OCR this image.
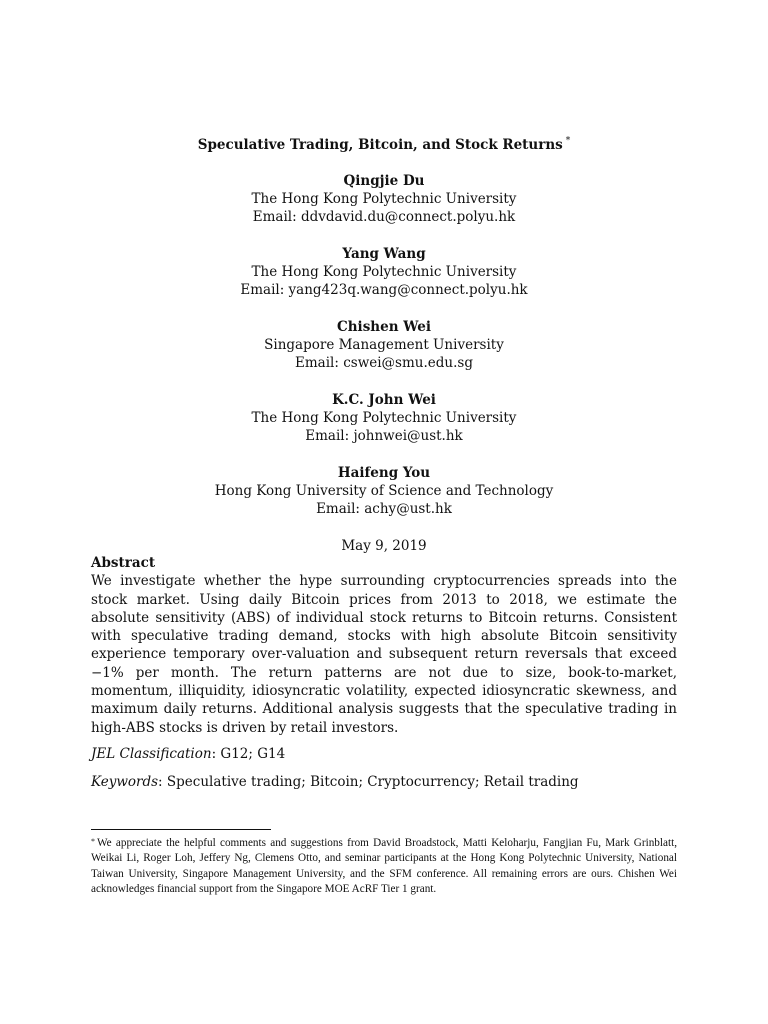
Speculative Trading, Bitcoin, and Stock Returns *
Qingjie Du
The Hong Kong Polytechnic University
Email: ddvdavid.du@connect.polyu.hk
Yang Wang
The Hong Kong Polytechnic University
Email: yang423q.wang@connect.polyu.hk
Chishen Wei
Singapore Management University
Email: cswei@smu.edu.sg
K.C. John Wei
The Hong Kong Polytechnic University
Email: johnwei@ust.hk
Haifeng You
Hong Kong University of Science and Technology
Email: achy@ust.hk
May 9, 2019
Abstract

We investigate whether the hype surrounding cryptocurrencies spreads into the stock market. Using daily Bitcoin prices from 2013 to 2018, we estimate the absolute sensitivity (ABS) of individual stock returns to Bitcoin returns. Consistent with speculative trading demand, stocks with high absolute Bitcoin sensitivity experience temporary over-valuation and subsequent return reversals that exceed −1% per month. The return patterns are not due to size, book-to-market, momentum, illiquidity, idiosyncratic volatility, expected idiosyncratic skewness, and maximum daily returns. Additional analysis suggests that the speculative trading in high-ABS stocks is driven by retail investors.

JEL Classification: G12; G14
Keywords: Speculative trading; Bitcoin; Cryptocurrency; Retail trading
* We appreciate the helpful comments and suggestions from David Broadstock, Matti Keloharju, Fangjian Fu, Mark Grinblatt, Weikai Li, Roger Loh, Jeffery Ng, Clemens Otto, and seminar participants at the Hong Kong Polytechnic University, National Taiwan University, Singapore Management University, and the SFM conference. All remaining errors are ours. Chishen Wei acknowledges financial support from the Singapore MOE AcRF Tier 1 grant.
